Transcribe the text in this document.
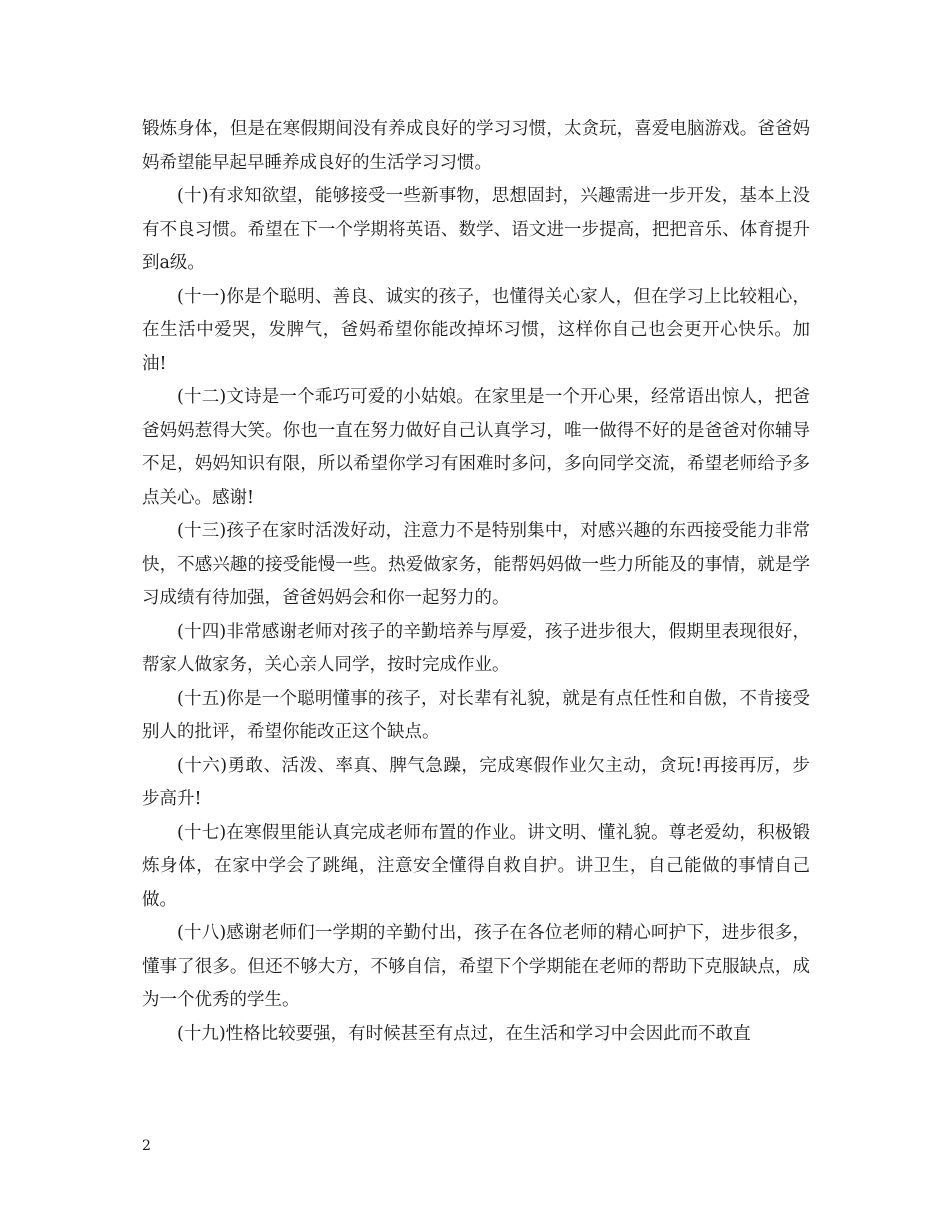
锻炼身体，但是在寒假期间没有养成良好的学习习惯，太贪玩，喜爱电脑游戏。爸爸妈妈希望能早起早睡养成良好的生活学习习惯。

(十)有求知欲望，能够接受一些新事物，思想固封，兴趣需进一步开发，基本上没有不良习惯。希望在下一个学期将英语、数学、语文进一步提高，把把音乐、体育提升到a级。

(十一)你是个聪明、善良、诚实的孩子，也懂得关心家人，但在学习上比较粗心，在生活中爱哭，发脾气，爸妈希望你能改掉坏习惯，这样你自己也会更开心快乐。加油!

(十二)文诗是一个乖巧可爱的小姑娘。在家里是一个开心果，经常语出惊人，把爸爸妈妈惹得大笑。你也一直在努力做好自己认真学习，唯一做得不好的是爸爸对你辅导不足，妈妈知识有限，所以希望你学习有困难时多问，多向同学交流，希望老师给予多点关心。感谢!

(十三)孩子在家时活泼好动，注意力不是特别集中，对感兴趣的东西接受能力非常快，不感兴趣的接受能慢一些。热爱做家务，能帮妈妈做一些力所能及的事情，就是学习成绩有待加强，爸爸妈妈会和你一起努力的。

(十四)非常感谢老师对孩子的辛勤培养与厚爱，孩子进步很大，假期里表现很好，帮家人做家务，关心亲人同学，按时完成作业。

(十五)你是一个聪明懂事的孩子，对长辈有礼貌，就是有点任性和自傲，不肯接受别人的批评，希望你能改正这个缺点。

(十六)勇敢、活泼、率真、脾气急躁，完成寒假作业欠主动，贪玩!再接再厉，步步高升!

(十七)在寒假里能认真完成老师布置的作业。讲文明、懂礼貌。尊老爱幼，积极锻炼身体，在家中学会了跳绳，注意安全懂得自救自护。讲卫生，自己能做的事情自己做。

(十八)感谢老师们一学期的辛勤付出，孩子在各位老师的精心呵护下，进步很多，懂事了很多。但还不够大方，不够自信，希望下个学期能在老师的帮助下克服缺点，成为一个优秀的学生。

(十九)性格比较要强，有时候甚至有点过，在生活和学习中会因此而不敢直

2
